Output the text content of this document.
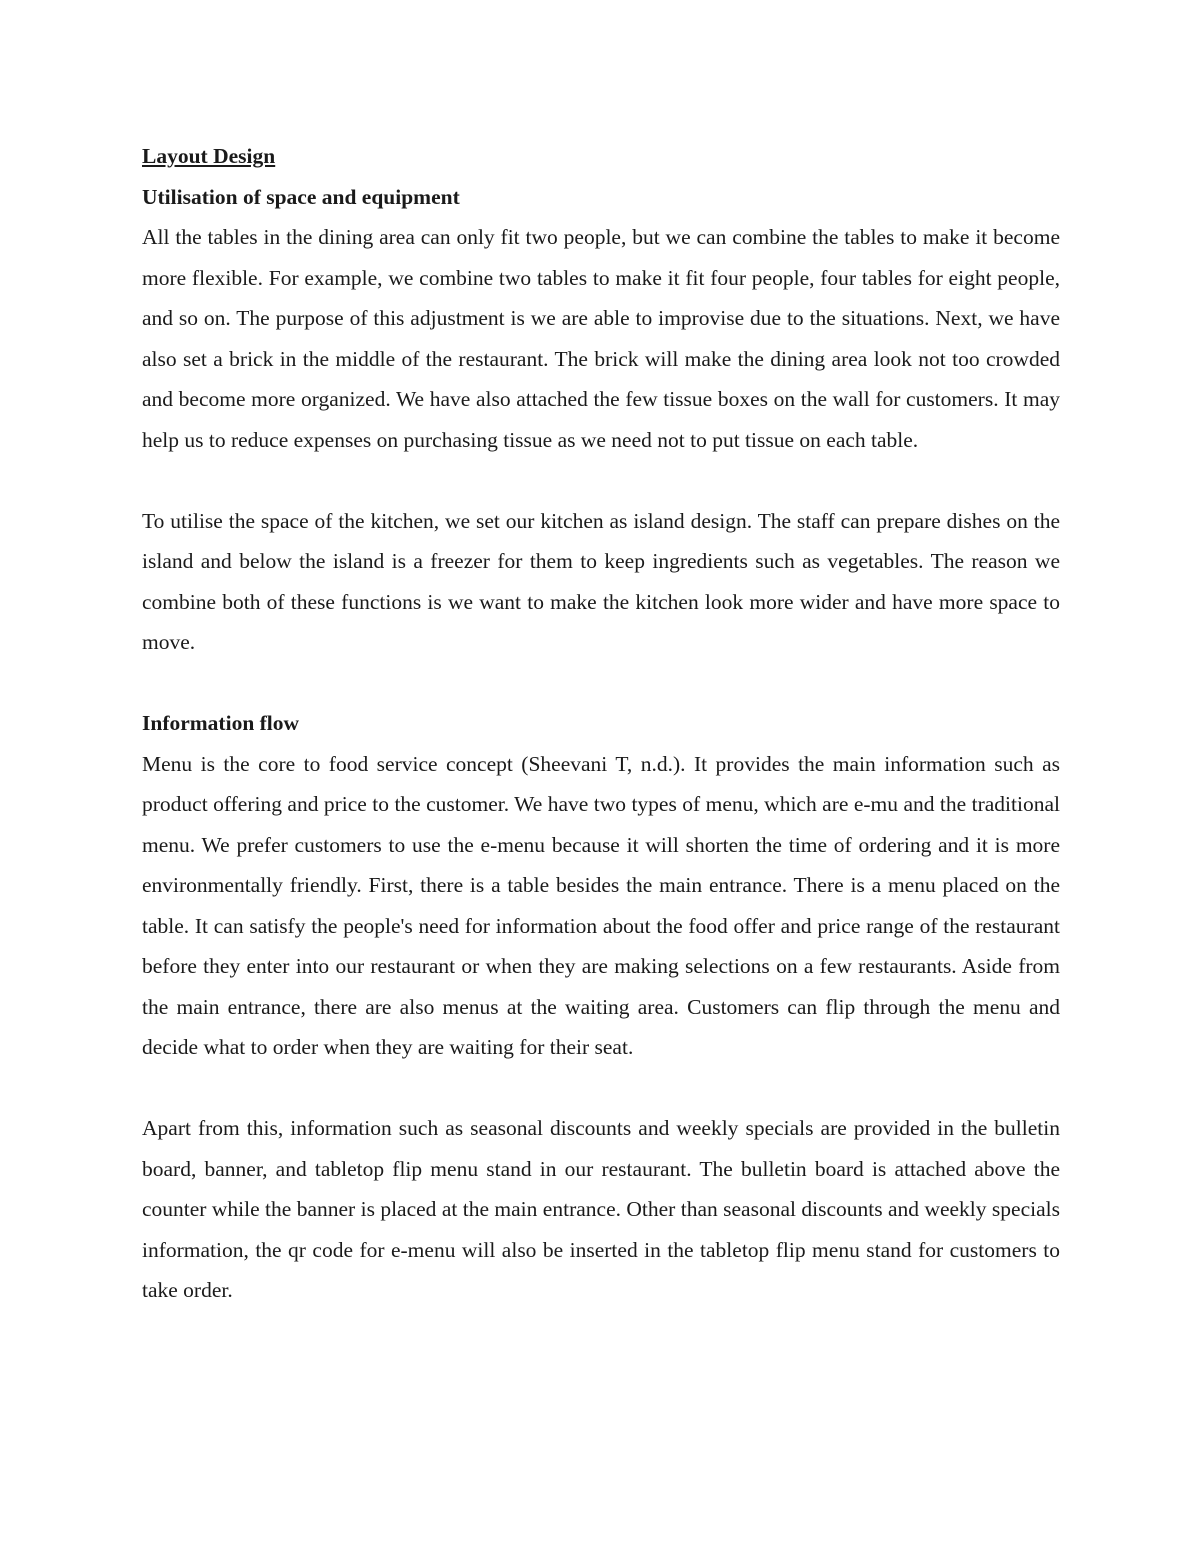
Layout Design

Utilisation of space and equipment

All the tables in the dining area can only fit two people, but we can combine the tables to make it become more flexible. For example, we combine two tables to make it fit four people, four tables for eight people, and so on. The purpose of this adjustment is we are able to improvise due to the situations. Next, we have also set a brick in the middle of the restaurant. The brick will make the dining area look not too crowded and become more organized. We have also attached the few tissue boxes on the wall for customers. It may help us to reduce expenses on purchasing tissue as we need not to put tissue on each table.

To utilise the space of the kitchen, we set our kitchen as island design. The staff can prepare dishes on the island and below the island is a freezer for them to keep ingredients such as vegetables. The reason we combine both of these functions is we want to make the kitchen look more wider and have more space to move.

Information flow

Menu is the core to food service concept (Sheevani T, n.d.). It provides the main information such as product offering and price to the customer. We have two types of menu, which are e-mu and the traditional menu. We prefer customers to use the e-menu because it will shorten the time of ordering and it is more environmentally friendly. First, there is a table besides the main entrance. There is a menu placed on the table. It can satisfy the people's need for information about the food offer and price range of the restaurant before they enter into our restaurant or when they are making selections on a few restaurants. Aside from the main entrance, there are also menus at the waiting area. Customers can flip through the menu and decide what to order when they are waiting for their seat.

Apart from this, information such as seasonal discounts and weekly specials are provided in the bulletin board, banner, and tabletop flip menu stand in our restaurant. The bulletin board is attached above the counter while the banner is placed at the main entrance. Other than seasonal discounts and weekly specials information, the qr code for e-menu will also be inserted in the tabletop flip menu stand for customers to take order.
